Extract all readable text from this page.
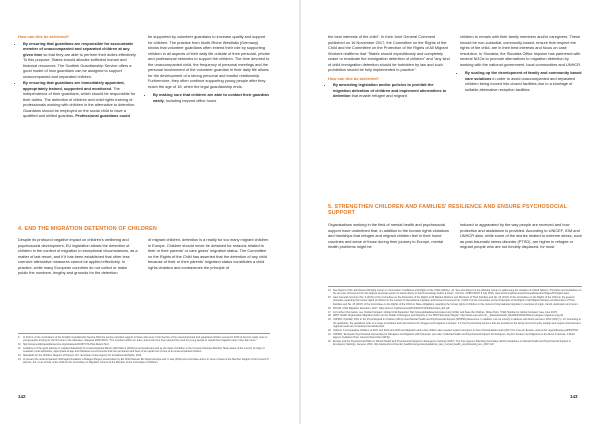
How can this be achieved?
• By ensuring that guardians are responsible for accountable member of unaccompanied and separated children at any given time so that they are able to perform their duties effectively. To this purpose, States should allocate sufficient human and financial resources. The Scottish Guardianship Service offers a good model of how guardians can be assigned to support unaccompanied and separated children.
• By ensuring that guardians are immediately appointed, appropriately trained, supported and monitored. The independence of their guardians, which should be responsible for their duties. The detention of children and child rights training of professionals working with children in the alternative to detention. Guardians should be employed on the social child to have a qualified and skilled guardian. Professional guardians could

be supported by volunteer guardians to increase quality and support for children. The practice from North-Rhine Westfalia (Germany) shows that volunteer guardians often extend their role by supporting children in all aspects of their daily life outside of their personal, private and professional networks to support the children. The time devoted to the unaccompanied child, the frequency of personal meetings and the personal involvement of the volunteer guardian in their daily life allows for the development of a strong personal and trustful relationship. Furthermore, they often continue supporting young people after they reach the age of 18, when the legal guardianship ends.

• By making sure that children are able to contact their guardian easily, including beyond office hours
4. END THE MIGRATION DETENTION OF CHILDREN

Despite its profound negative impact on children's wellbeing and psychosocial development, EU legislation allows the detention of children in the context of migration in exceptional circumstances, as a matter of last resort, and if it has been established that other less coercive alternative measures cannot be applied effectively. In practice, while many European countries do not collect or make public the numbers, lengthy and grounds for the detention

of migrant children, detention is a reality for too many migrant children in Europe. Children should never be detained for reasons related to their or their parents' or care givers' migration status. The Committee on the Rights of the Child has asserted that the detention of any child because of their or their parents' migration status constitutes a child rights violation and contravenes the principle of

9	In Point 1 of the conclusions of the Scottish Guardianship Service Pilot the service provided support to those who were in the Service of the unaccompanied and separated children entered in 2015 (a Service made more in young people arriving for the first time in the Aberdeen, Glasgow 2009-2013). "The numbers within our team, and at the time has reduced the need for young people to repeat their migration story more than once."
10 http://www.scottishguardianservice.org/uk/assets/2015/7/VS-Pilot-Report.html
11 Guidelines of the good practice in Lodging-Standards for Unaccompanied Minors (Wochsler's (2011) for accompanying and as the state of children in the Council of Europe Member State aware of the country of origin of Guardian, local authorities, appropriate-to-age and Parliament environments that has permanent and been of an equal cost of care of an unaccompanied children.
12 Standards for the Children Regions of Parents UN - European Union Agency for Fundamental Rights, 2014
13 At present the unaccompanied child legal foundation is Bologne Bergen preservation by EU Child Manual. EU Report Europe and: It was (2011) and committee and is in some of least to the Member Region of the Council of parents, but, to an of their of the child for the Committee on Migration Council of the Member of the Committee of Children.
142

the best interests of the child". In their Joint General Comment published on 16 November 2017, the Committee on the Rights of the Child and the Committee on the Protection of the Rights of All Migrant Workers reaffirms that "States should expeditiously and completely cease or eradicate the immigration detention of children" and "any kind of child immigration detention should be forbidden by law and such prohibition should be fully implemented in practice".

How can this be achieved?
• By amending legislation and/or policies to prohibit the migration detention of children and implement alternatives to detention that enable refugee and migrant

children to remain with their family members and/or caregivers. These should be non-custodial, community-based, ensure that respect the rights of the child, are in their best interests and focus on case resolution. In Slovakia, the Slovakia Office Impulse has partnered with several NGOs to promote alternatives to migration detention by working with the national government, local communities and UNHCR.

• By scaling up the development of family and community based care solutions in order to avoid unaccompanied and separated children being moved into closed facilities due to a shortage of suitable alternative reception facilities.
5. STRENGTHEN CHILDREN AND FAMILIES' RESILIENCE AND ENSURE PSYCHOSOCIAL SUPPORT

Organisations working in the field of mental health and psychosocial support have underlined that, in addition to the human rights violations and hardships that refugee and migrant children feel in their home countries and some of those during their journey to Europe, mental health problems might be

induced or aggravated by the way people are received and how protection and assistance is provided. According to UNICEF, IOM and UNHCR data, while some of the stories related to extreme stress, such as post-traumatic stress disorder (PTSD), are higher in refugee or migrant people who are not forcibly displaced, for most

14 See Report of the Joint Expert Working Group on 'Generation' Conditions and Rights of the Child (2015) p. 10. See also Report of the Working Group on addressing the situation of United Nations, Principles and Guidelines on the and use of Persons from the highest temporal system of Good Liberty or has Proceedings before a Court", UN Doc. A/HRC/30/37 6 July 2015, www.ohchr.org/Documents/Issues/Detention/Pages/Principles.aspx.
15 Joint General Comment No. 4 (2017) of the Committee on the Protection of the Rights of All Migrant Workers and Members of Their Families and No. 23 (2017) of the Committee on the Rights of the Child on the general principles regarding the human rights of children in the context of international migration and General Comment No. 4 (2017) of the Committee on the Protection of the Rights of All Migrant Workers and Members of Their Families and No. 23 (2017) of the Committee on the Rights of the Child on State obligations regarding the human rights of children in the context of international migration in countries of origin, transit, destination and return.
16 PICUM, Child Migration Detention, 2017, https://picum.org/Documents/Publi/2017/ChildDetention_EN.pdf
17 For further information, see 'Global Compact: Global Child Detention' http://www.globaldetentionproject.org/ (2011) and Save the Children, Milieu Help, 'Child Helpline for Global Compact' (see June 2017).
18 WHO Health Organisation Migration Action on the Health of Refugees and Migrants in the WHO European Region, http://www.euro.who.int/__data/assets/pdf_file/0004/315444/54e1-refugees-migrants-eng.pdf
19 UNHCR, UNICEF, IOM, In the Psychological in Children (2014) Good Mental Health and Psychosocial Support (MHPSS) Resources. In addition, but not entirely to address with family and and. IASC (2017) p. 10. According to the guidelines, the guidelines refer to a range of activities and interventions for refugees and migrants in Europe. It is the Psychosocial services that are provided in the family and community settings and require that local and regional needs are considered and addressed.
20 Options: A Comparative Children of 2017 and 2014 and 2016 and Migration and a few children also needed support and given in that of humanitarian work (2017) for more (in Europe: www.unhcr.org/en/Europe-pdf/54/57b0
21 UNHCR, 'European Psychosocial Intervention for Refugees and Migrants (2017) Europe' (see also 'A Mental Health and Psychosocial Support for Refugees, Asylum Seekers and Migrants on the Move in Europe: A Multi-Agency Guidance Note' Geneva (December 2015)).
22 Europe and the Psychosocial Pillar on Mental Health and Psychosocial Support in Emergency Settings (2007). The Inter-Agency Standing Committee (IASC) Guidelines on Mental Health and Psychosocial Support in Emergency Settings, Geneva: IASC. http://www.who.int/mental_health/emergencies/guidelines_iasc_mental_health_psychosocial_june_2007.pdf
143
